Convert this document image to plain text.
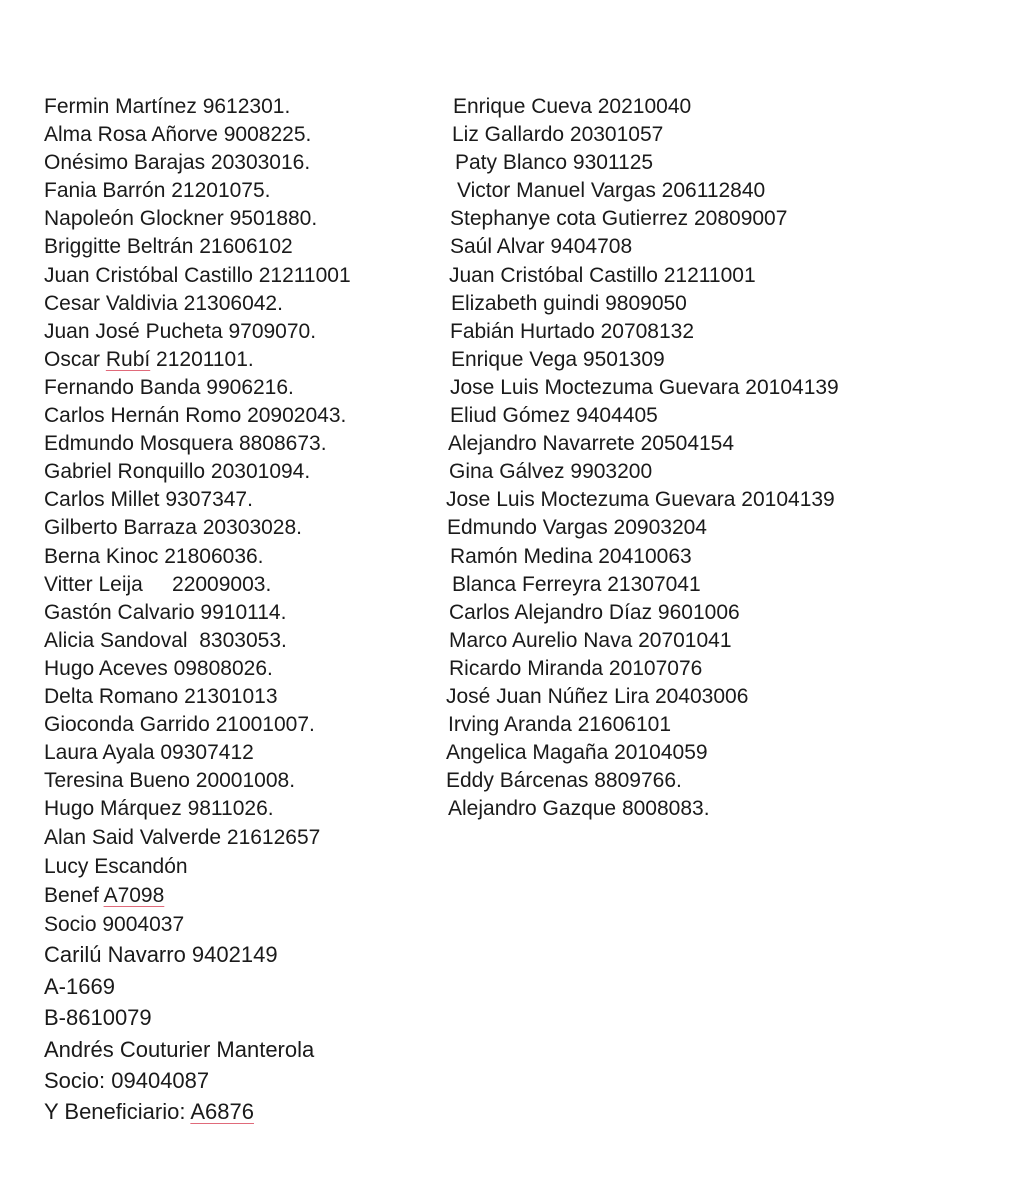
Fermin Martínez 9612301.
Alma Rosa Añorve 9008225.
Onésimo Barajas 20303016.
Fania Barrón 21201075.
Napoleón Glockner 9501880.
Briggitte Beltrán 21606102
Juan Cristóbal Castillo 21211001
Cesar Valdivia 21306042.
Juan José Pucheta 9709070.
Oscar Rubí 21201101.
Fernando Banda 9906216.
Carlos Hernán Romo 20902043.
Edmundo Mosquera 8808673.
Gabriel Ronquillo 20301094.
Carlos Millet 9307347.
Gilberto Barraza 20303028.
Berna Kinoc 21806036.
Vitter Leija     22009003.
Gastón Calvario 9910114.
Alicia Sandoval  8303053.
Hugo Aceves 09808026.
Delta Romano 21301013
Gioconda Garrido 21001007.
Laura Ayala 09307412
Teresina Bueno 20001008.
Hugo Márquez 9811026.
Alan Said Valverde 21612657
Lucy Escandón
Benef A7098
Socio 9004037
Carilú Navarro 9402149
A-1669
B-8610079
Andrés Couturier Manterola
Socio: 09404087
Y Beneficiario: A6876
Enrique Cueva 20210040
Liz Gallardo 20301057
Paty Blanco 9301125
Victor Manuel Vargas 206112840
Stephanye cota Gutierrez 20809007
Saúl Alvar 9404708
Juan Cristóbal Castillo 21211001
Elizabeth guindi 9809050
Fabián Hurtado 20708132
Enrique Vega 9501309
Jose Luis Moctezuma Guevara 20104139
Eliud Gómez 9404405
Alejandro Navarrete 20504154
Gina Gálvez 9903200
Jose Luis Moctezuma Guevara 20104139
Edmundo Vargas 20903204
Ramón Medina 20410063
Blanca Ferreyra 21307041
Carlos Alejandro Díaz 9601006
Marco Aurelio Nava 20701041
Ricardo Miranda 20107076
José Juan Núñez Lira 20403006
Irving Aranda 21606101
Angelica Magaña 20104059
Eddy Bárcenas 8809766.
Alejandro Gazque 8008083.
